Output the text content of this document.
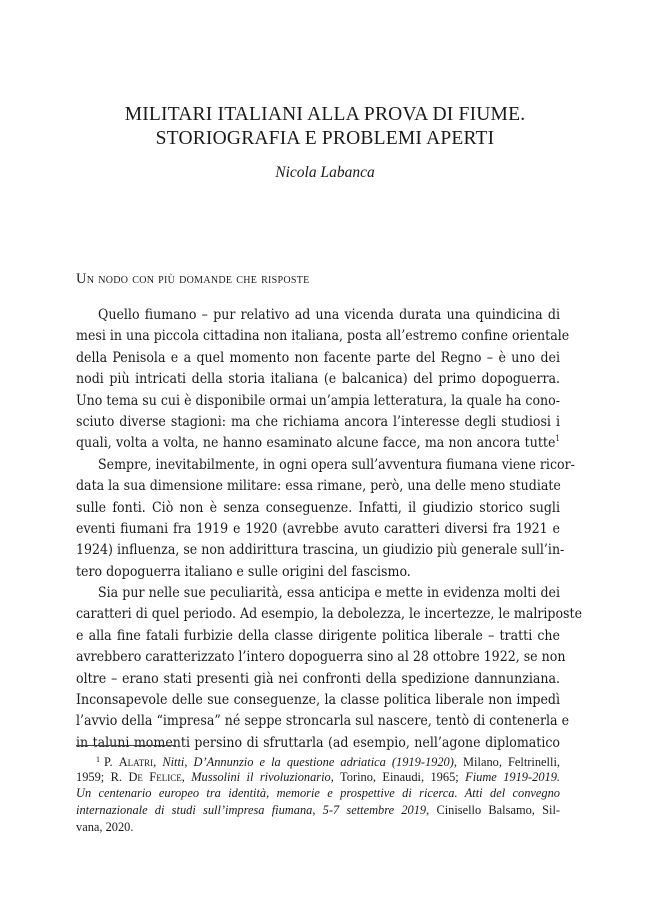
MILITARI ITALIANI ALLA PROVA DI FIUME.
STORIOGRAFIA E PROBLEMI APERTI
Nicola Labanca
Un nodo con più domande che risposte
Quello fiumano – pur relativo ad una vicenda durata una quindicina di
mesi in una piccola cittadina non italiana, posta all’estremo confine orientale
della Penisola e a quel momento non facente parte del Regno – è uno dei
nodi più intricati della storia italiana (e balcanica) del primo dopoguerra.
Uno tema su cui è disponibile ormai un’ampia letteratura, la quale ha cono-
sciuto diverse stagioni: ma che richiama ancora l’interesse degli studiosi i
quali, volta a volta, ne hanno esaminato alcune facce, ma non ancora tutte$^1$
Sempre, inevitabilmente, in ogni opera sull’avventura fiumana viene ricor-
data la sua dimensione militare: essa rimane, però, una delle meno studiate
sulle fonti. Ciò non è senza conseguenze. Infatti, il giudizio storico sugli
eventi fiumani fra 1919 e 1920 (avrebbe avuto caratteri diversi fra 1921 e
1924) influenza, se non addirittura trascina, un giudizio più generale sull’in-
tero dopoguerra italiano e sulle origini del fascismo.
Sia pur nelle sue peculiarità, essa anticipa e mette in evidenza molti dei
caratteri di quel periodo. Ad esempio, la debolezza, le incertezze, le malriposte
e alla fine fatali furbizie della classe dirigente politica liberale – tratti che
avrebbero caratterizzato l’intero dopoguerra sino al 28 ottobre 1922, se non
oltre – erano stati presenti già nei confronti della spedizione dannunziana.
Inconsapevole delle sue conseguenze, la classe politica liberale non impedì
l’avvio della “impresa” né seppe stroncarla sul nascere, tentò di contenerla e
in taluni momenti persino di sfruttarla (ad esempio, nell’agone diplomatico
$^1$ P. Alatri, Nitti, D’Annunzio e la questione adriatica (1919-1920), Milano, Feltrinelli,
1959; R. De Felice, Mussolini il rivoluzionario, Torino, Einaudi, 1965; Fiume 1919-2019.
Un centenario europeo tra identità, memorie e prospettive di ricerca. Atti del convegno
internazionale di studi sull’impresa fiumana, 5-7 settembre 2019, Cinisello Balsamo, Sil-
vana, 2020.
